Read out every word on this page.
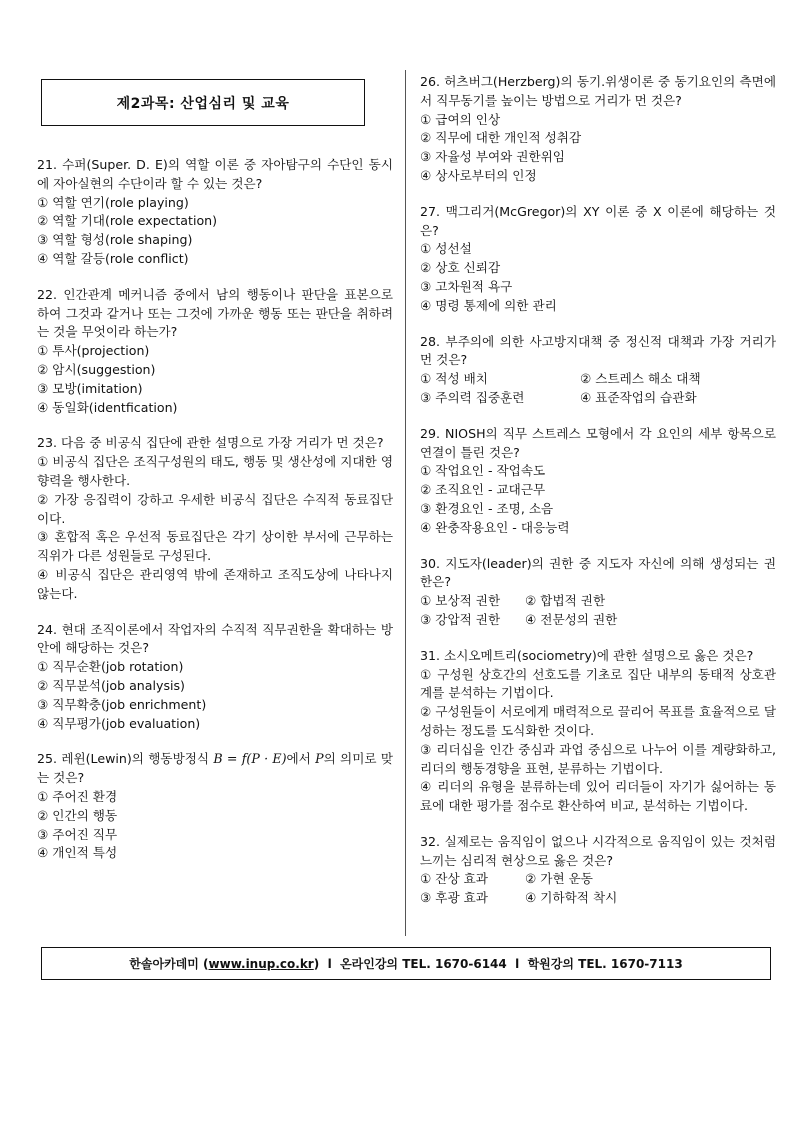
제2과목: 산업심리 및 교육
21. 수퍼(Super. D. E)의 역할 이론 중 자아탐구의 수단인 동시에 자아실현의 수단이라 할 수 있는 것은?
① 역할 연기(role playing)
② 역할 기대(role expectation)
③ 역할 형성(role shaping)
④ 역할 갈등(role conflict)
22. 인간관계 메커니즘 중에서 남의 행동이나 판단을 표본으로 하여 그것과 같거나 또는 그것에 가까운 행동 또는 판단을 취하려는 것을 무엇이라 하는가?
① 투사(projection)
② 암시(suggestion)
③ 모방(imitation)
④ 동일화(identfication)
23. 다음 중 비공식 집단에 관한 설명으로 가장 거리가 먼 것은?
① 비공식 집단은 조직구성원의 태도, 행동 및 생산성에 지대한 영향력을 행사한다.
② 가장 응집력이 강하고 우세한 비공식 집단은 수직적 동료집단이다.
③ 혼합적 혹은 우선적 동료집단은 각기 상이한 부서에 근무하는 직위가 다른 성원들로 구성된다.
④ 비공식 집단은 관리영역 밖에 존재하고 조직도상에 나타나지 않는다.
24. 현대 조직이론에서 작업자의 수직적 직무권한을 확대하는 방안에 해당하는 것은?
① 직무순환(job rotation)
② 직무분석(job analysis)
③ 직무확충(job enrichment)
④ 직무평가(job evaluation)
25. 레윈(Lewin)의 행동방정식 B = f(P · E)에서 P의 의미로 맞는 것은?
① 주어진 환경
② 인간의 행동
③ 주어진 직무
④ 개인적 특성
26. 허츠버그(Herzberg)의 동기.위생이론 중 동기요인의 측면에서 직무동기를 높이는 방법으로 거리가 먼 것은?
① 급여의 인상
② 직무에 대한 개인적 성취감
③ 자율성 부여와 권한위임
④ 상사로부터의 인정
27. 맥그리거(McGregor)의 XY 이론 중 X 이론에 해당하는 것은?
① 성선설
② 상호 신뢰감
③ 고차원적 욕구
④ 명령 통제에 의한 관리
28. 부주의에 의한 사고방지대책 중 정신적 대책과 가장 거리가 먼 것은?
① 적성 배치	② 스트레스 해소 대책
③ 주의력 집중훈련	④ 표준작업의 습관화
29. NIOSH의 직무 스트레스 모형에서 각 요인의 세부 항목으로 연결이 틀린 것은?
① 작업요인 - 작업속도
② 조직요인 - 교대근무
③ 환경요인 - 조명, 소음
④ 완충작용요인 - 대응능력
30. 지도자(leader)의 권한 중 지도자 자신에 의해 생성되는 권한은?
① 보상적 권한	② 합법적 권한
③ 강압적 권한	④ 전문성의 권한
31. 소시오메트리(sociometry)에 관한 설명으로 옳은 것은?
① 구성원 상호간의 선호도를 기초로 집단 내부의 동태적 상호관계를 분석하는 기법이다.
② 구성원들이 서로에게 매력적으로 끌리어 목표를 효율적으로 달성하는 정도를 도식화한 것이다.
③ 리더십을 인간 중심과 과업 중심으로 나누어 이를 계량화하고, 리더의 행동경향을 표현, 분류하는 기법이다.
④ 리더의 유형을 분류하는데 있어 리더들이 자기가 싫어하는 동료에 대한 평가를 점수로 환산하여 비교, 분석하는 기법이다.
32. 실제로는 움직임이 없으나 시각적으로 움직임이 있는 것처럼 느끼는 심리적 현상으로 옳은 것은?
① 잔상 효과	② 가현 운동
③ 후광 효과	④ 기하학적 착시
한솔아카데미 ( www.inup.co.kr )
l
온라인강의 TEL. 1670-6144
l
학원강의 TEL. 1670-7113
